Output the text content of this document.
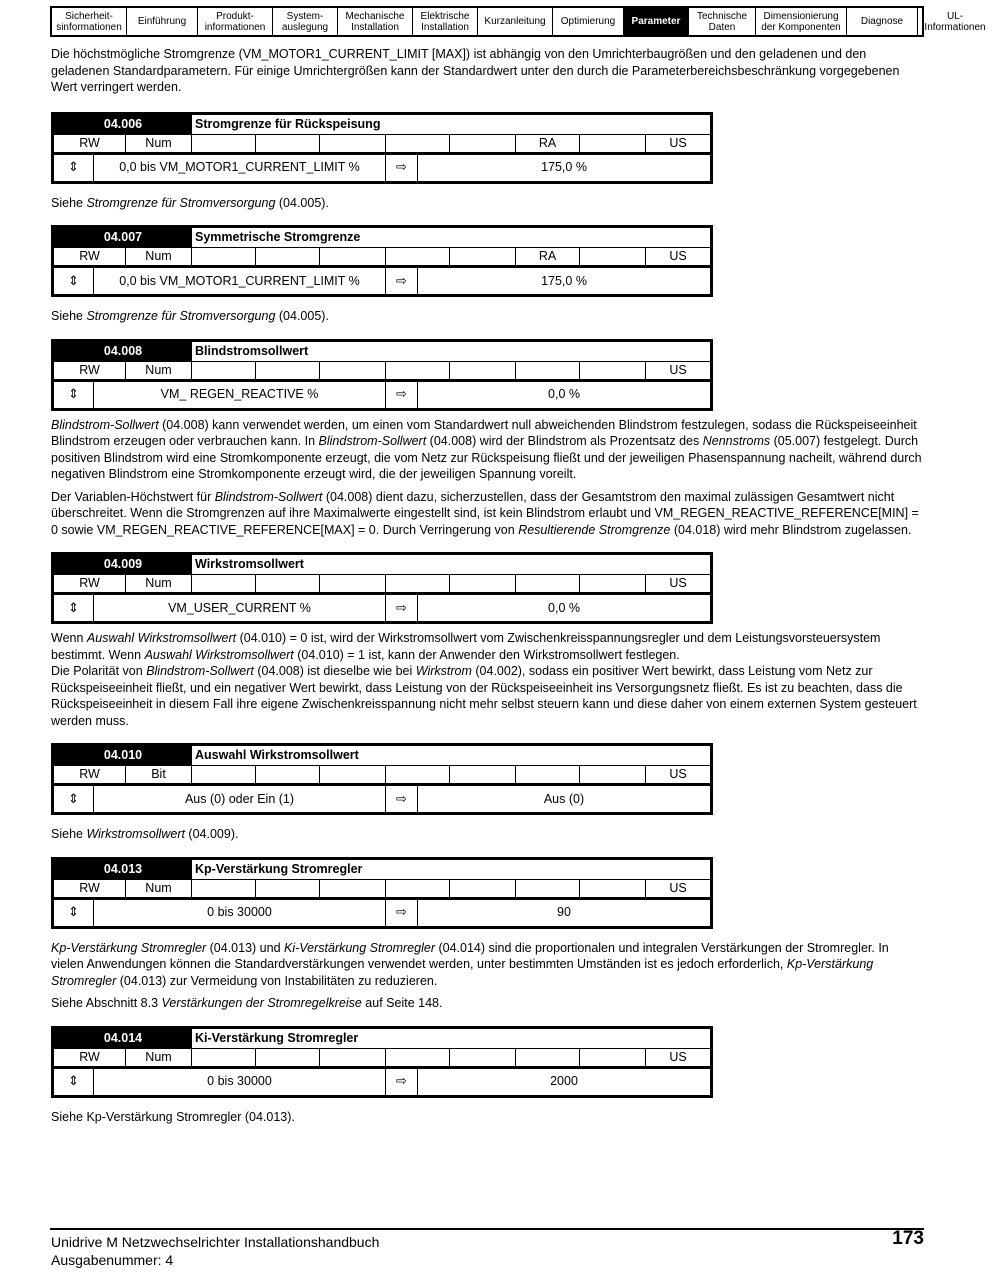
Sicherheit-
sinformationen	Einführung	Produkt-
informationen
System-
auslegung
Mechanische
Installation
Elektrische
Installation	Kurzanleitung	Optimierung	Parameter	Technische
Daten
Dimensionierung
der Komponenten	Diagnose	UL-
Informationen

Die höchstmögliche Stromgrenze (VM_MOTOR1_CURRENT_LIMIT [MAX]) ist abhängig von den Umrichterbaugrößen und den geladenen und den geladenen Standardparametern. Für einige Umrichtergrößen kann der Standardwert unter den durch die Parameterbereichsbeschränkung vorgegebenen Wert verringert werden.

04.006	Stromgrenze für Rückspeisung
RW	Num	RA	US
⇕	0,0 bis VM_MOTOR1_CURRENT_LIMIT %	⇨	175,0 %

Siehe Stromgrenze für Stromversorgung (04.005).

04.007	Symmetrische Stromgrenze
RW	Num	RA	US
⇕	0,0 bis VM_MOTOR1_CURRENT_LIMIT %	⇨	175,0 %

Siehe Stromgrenze für Stromversorgung (04.005).

04.008	Blindstromsollwert
RW	Num	US
⇕	VM_ REGEN_REACTIVE %	⇨	0,0 %

Blindstrom-Sollwert (04.008) kann verwendet werden, um einen vom Standardwert null abweichenden Blindstrom festzulegen, sodass die Rückspeiseeinheit Blindstrom erzeugen oder verbrauchen kann. In Blindstrom-Sollwert (04.008) wird der Blindstrom als Prozentsatz des Nennstroms (05.007) festgelegt. Durch positiven Blindstrom wird eine Stromkomponente erzeugt, die vom Netz zur Rückspeisung fließt und der jeweiligen Phasenspannung nacheilt, während durch negativen Blindstrom eine Stromkomponente erzeugt wird, die der jeweiligen Spannung voreilt.

Der Variablen-Höchstwert für Blindstrom-Sollwert (04.008) dient dazu, sicherzustellen, dass der Gesamtstrom den maximal zulässigen Gesamtwert nicht überschreitet. Wenn die Stromgrenzen auf ihre Maximalwerte eingestellt sind, ist kein Blindstrom erlaubt und VM_REGEN_REACTIVE_REFERENCE[MIN] = 0 sowie VM_REGEN_REACTIVE_REFERENCE[MAX] = 0. Durch Verringerung von Resultierende Stromgrenze (04.018) wird mehr Blindstrom zugelassen.

04.009	Wirkstromsollwert
RW	Num	US
⇕	VM_USER_CURRENT %	⇨	0,0 %

Wenn Auswahl Wirkstromsollwert (04.010) = 0 ist, wird der Wirkstromsollwert vom Zwischenkreisspannungsregler und dem Leistungsvorsteuersystem bestimmt. Wenn Auswahl Wirkstromsollwert (04.010) = 1 ist, kann der Anwender den Wirkstromsollwert festlegen.

Die Polarität von Blindstrom-Sollwert (04.008) ist dieselbe wie bei Wirkstrom (04.002), sodass ein positiver Wert bewirkt, dass Leistung vom Netz zur Rückspeiseeinheit fließt, und ein negativer Wert bewirkt, dass Leistung von der Rückspeiseeinheit ins Versorgungsnetz fließt. Es ist zu beachten, dass die Rückspeiseeinheit in diesem Fall ihre eigene Zwischenkreisspannung nicht mehr selbst steuern kann und diese daher von einem externen System gesteuert werden muss.

04.010	Auswahl Wirkstromsollwert
RW	Bit	US
⇕	Aus (0) oder Ein (1)	⇨	Aus (0)

Siehe Wirkstromsollwert (04.009).

04.013	Kp-Verstärkung Stromregler
RW	Num	US
⇕	0 bis 30000	⇨	90

Kp-Verstärkung Stromregler (04.013) und Ki-Verstärkung Stromregler (04.014) sind die proportionalen und integralen Verstärkungen der Stromregler. In vielen Anwendungen können die Standardverstärkungen verwendet werden, unter bestimmten Umständen ist es jedoch erforderlich, Kp-Verstärkung Stromregler (04.013) zur Vermeidung von Instabilitäten zu reduzieren.

Siehe Abschnitt 8.3 Verstärkungen der Stromregelkreise auf Seite 148.

04.014	Ki-Verstärkung Stromregler
RW	Num	US
⇕	0 bis 30000	⇨	2000

Siehe Kp-Verstärkung Stromregler (04.013).

Unidrive M Netzwechselrichter Installationshandbuch
Ausgabenummer: 4
173
